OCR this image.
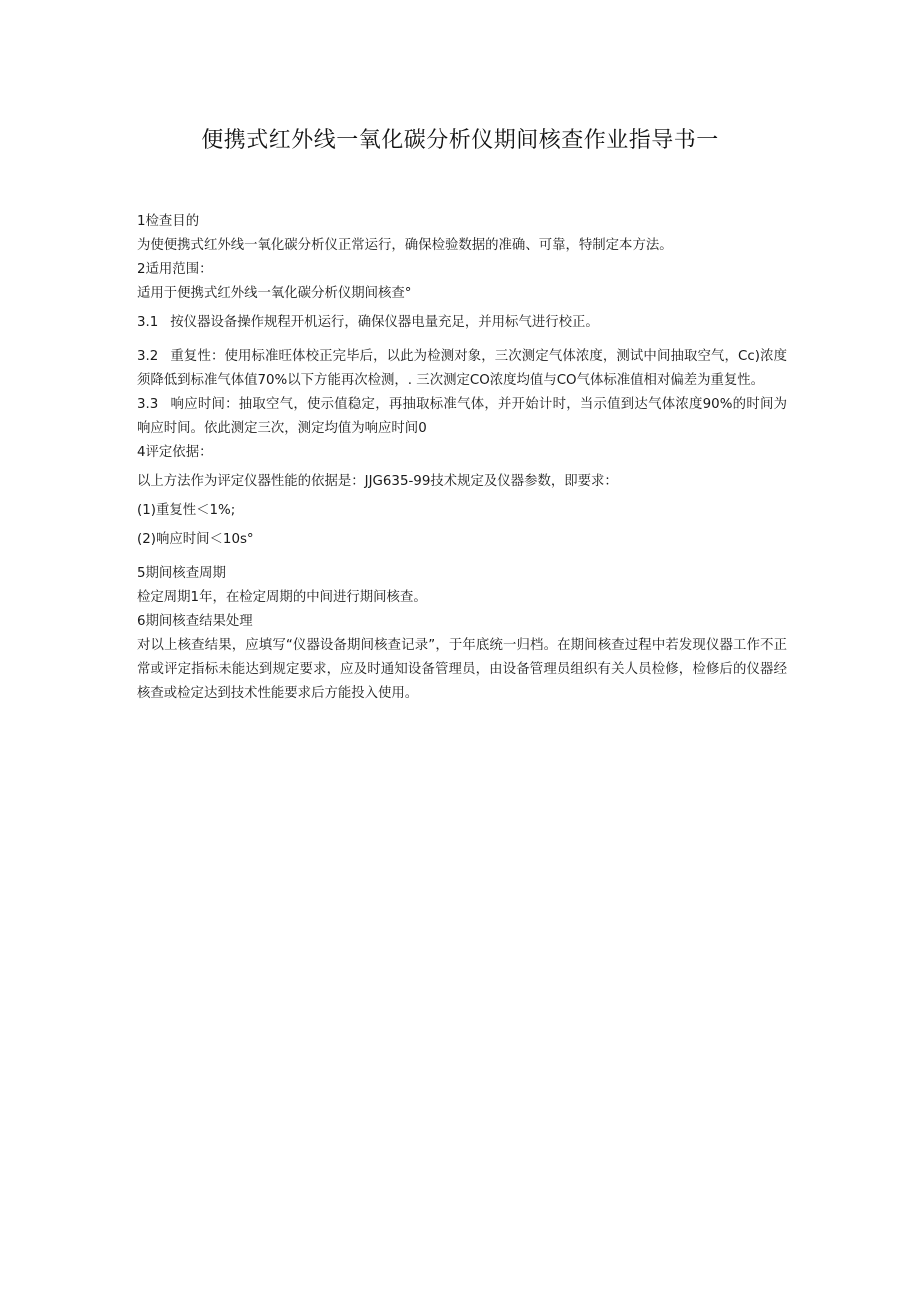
便携式红外线一氧化碳分析仪期间核查作业指导书一
1检查目的
为使便携式红外线一氧化碳分析仪正常运行，确保检验数据的准确、可靠，特制定本方法。
2适用范围：
适用于便携式红外线一氧化碳分析仪期间核查°
3.1 按仪器设备操作规程开机运行，确保仪器电量充足，并用标气进行校正。
3.2 重复性：使用标准旺体校正完毕后，以此为检测对象，三次测定气体浓度，测试中间抽取空气，Cc)浓度须降低到标准气体值70%以下方能再次检测，. 三次测定CO浓度均值与CO气体标准值相对偏差为重复性。
3.3 响应时间：抽取空气，使示值稳定，再抽取标准气体，并开始计时，当示值到达气体浓度90%的时间为响应时间。依此测定三次，测定均值为响应时间0
4评定依据：
以上方法作为评定仪器性能的依据是：JJG635-99技术规定及仪器参数，即要求：
(1)重复性＜1%;
(2)响应时间＜10s°
5期间核查周期
检定周期1年，在检定周期的中间进行期间核查。
6期间核查结果处理
对以上核查结果，应填写“仪器设备期间核查记录”，于年底统一归档。在期间核查过程中若发现仪器工作不正常或评定指标未能达到规定要求，应及时通知设备管理员，由设备管理员组织有关人员检修，检修后的仪器经核查或检定达到技术性能要求后方能投入使用。
